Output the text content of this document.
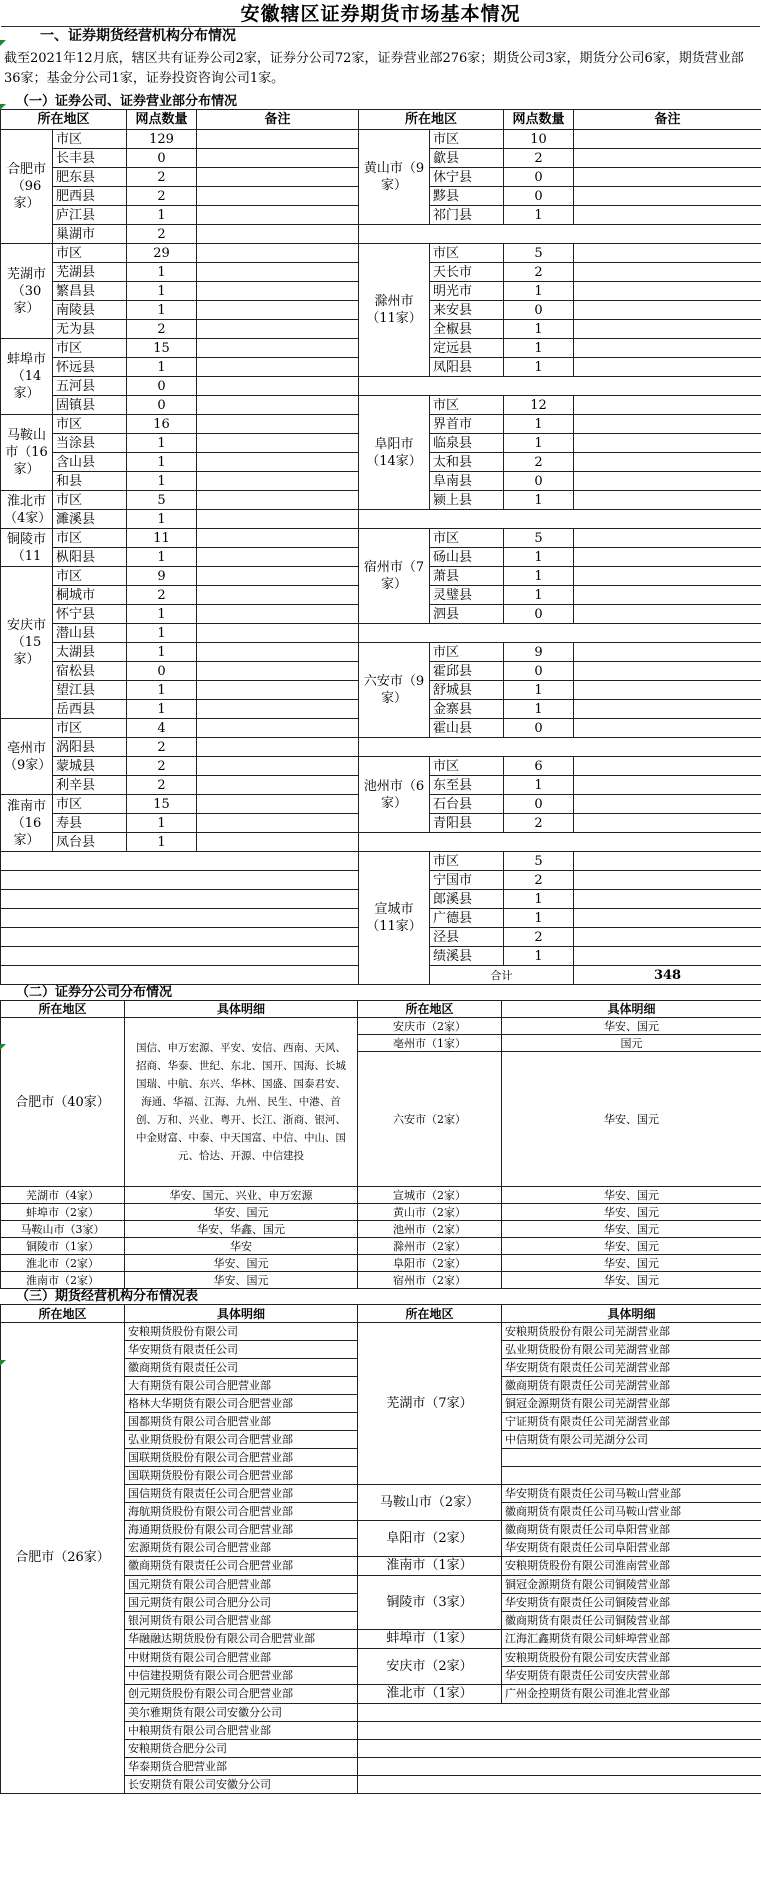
安徽辖区证券期货市场基本情况
一、证券期货经营机构分布情况
截至2021年12月底，辖区共有证券公司2家，证券分公司72家，证券营业部276家；期货公司3家，期货分公司6家，期货营业部36家；基金分公司1家，证券投资咨询公司1家。
（一）证券公司、证券营业部分布情况
所在地区		网点数量	备注	所在地区		网点数量	备注	
合肥市（96家）	市区	129		黄山市（9家）	市区	10		
	长丰县	0			歙县	2		
	肥东县	2			休宁县	0		
	肥西县	2			黟县	0		
	庐江县	1			祁门县	1		
	巢湖市	2						
芜湖市（30家）	市区	29		滁州市（11家）	市区	5		
	芜湖县	1			天长市	2		
	繁昌县	1			明光市	1		
	南陵县	1			来安县	0		
	无为县	2			全椒县	1		
蚌埠市（14家）	市区	15			定远县	1		
	怀远县	1			凤阳县	1		
	五河县	0						
	固镇县	0		阜阳市（14家）	市区	12		
马鞍山市（16家）	市区	16			界首市	1		
	当涂县	1			临泉县	1		
	含山县	1			太和县	2		
	和县	1			阜南县	0		
淮北市（4家）	市区	5			颍上县	1		
	濉溪县	1						
铜陵市（11	市区	11		宿州市（7家）	市区	5		
	枞阳县	1			砀山县	1		
安庆市（15家）	市区	9			萧县	1		
	桐城市	2			灵璧县	1		
	怀宁县	1			泗县	0		
	潜山县	1						
	太湖县	1		六安市（9家）	市区	9		
	宿松县	0			霍邱县	0		
	望江县	1			舒城县	1		
	岳西县	1			金寨县	1		
亳州市（9家）	市区	4			霍山县	0		
	涡阳县	2						
	蒙城县	2		池州市（6家）	市区	6		
	利辛县	2			东至县	1		
淮南市（16家）	市区	15			石台县	0		
	寿县	1			青阳县	2		
	凤台县	1						
				宣城市（11家）	市区	5		
					宁国市	2		
					郎溪县	1		
					广德县	1		
					泾县	2		
					绩溪县	1		
					合计		348	
（二）证券分公司分布情况
所在地区	具体明细	所在地区	具体明细
合肥市（40家）	国信、申万宏源、平安、安信、西南、天风、招商、华泰、世纪、东北、国开、国海、长城国瑞、中航、东兴、华林、国盛、国泰君安、海通、华福、江海、九州、民生、中港、首创、万和、兴业、粤开、长江、浙商、银河、中金财富、中泰、中天国富、中信、中山、国元、恰达、开源、中信建投	安庆市（2家）	华安、国元
		亳州市（1家）	国元
		六安市（2家）	华安、国元
芜湖市（4家）	华安、国元、兴业、申万宏源	宣城市（2家）	华安、国元
蚌埠市（2家）	华安、国元	黄山市（2家）	华安、国元
马鞍山市（3家）	华安、华鑫、国元	池州市（2家）	华安、国元
铜陵市（1家）	华安	滁州市（2家）	华安、国元
淮北市（2家）	华安、国元	阜阳市（2家）	华安、国元
淮南市（2家）	华安、国元	宿州市（2家）	华安、国元
（三）期货经营机构分布情况表
所在地区	具体明细	所在地区	具体明细
合肥市（26家）	安粮期货股份有限公司	芜湖市（7家）	安粮期货股份有限公司芜湖营业部
	华安期货有限责任公司		弘业期货股份有限公司芜湖营业部
	徽商期货有限责任公司		华安期货有限责任公司芜湖营业部
	大有期货有限公司合肥营业部		徽商期货有限责任公司芜湖营业部
	格林大华期货有限公司合肥营业部		铜冠金源期货有限公司芜湖营业部
	国都期货有限公司合肥营业部		宁证期货有限责任公司芜湖营业部
	弘业期货股份有限公司合肥营业部		中信期货有限公司芜湖分公司
	国联期货股份有限公司合肥营业部		
	国联期货股份有限公司合肥营业部		
	国信期货有限责任公司合肥营业部	马鞍山市（2家）	华安期货有限责任公司马鞍山营业部
	海航期货股份有限公司合肥营业部		徽商期货有限责任公司马鞍山营业部
	海通期货股份有限公司合肥营业部	阜阳市（2家）	徽商期货有限责任公司阜阳营业部
	宏源期货有限公司合肥营业部		华安期货有限责任公司阜阳营业部
	徽商期货有限责任公司合肥营业部	淮南市（1家）	安粮期货股份有限公司淮南营业部
	国元期货有限公司合肥营业部	铜陵市（3家）	铜冠金源期货有限公司铜陵营业部
	国元期货有限公司合肥分公司		华安期货有限责任公司铜陵营业部
	银河期货有限公司合肥营业部		徽商期货有限责任公司铜陵营业部
	华融融达期货股份有限公司合肥营业部	蚌埠市（1家）	江海汇鑫期货有限公司蚌埠营业部
	中财期货有限公司合肥营业部	安庆市（2家）	安粮期货股份有限公司安庆营业部
	中信建投期货有限公司合肥营业部		华安期货有限责任公司安庆营业部
	创元期货股份有限公司合肥营业部	淮北市（1家）	广州金控期货有限公司淮北营业部
	美尔雅期货有限公司安徽分公司		
	中粮期货有限公司合肥营业部		
	安粮期货合肥分公司		
	华泰期货合肥营业部		
	长安期货有限公司安徽分公司		
